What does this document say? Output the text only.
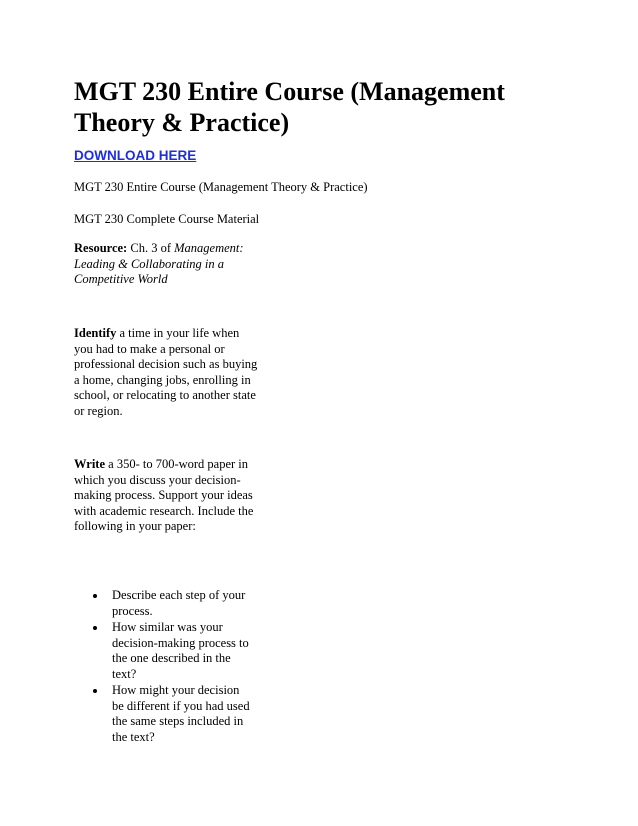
MGT 230 Entire Course (Management Theory & Practice)
DOWNLOAD HERE

MGT 230 Entire Course (Management Theory & Practice)

MGT 230 Complete Course Material

Resource: Ch. 3 of Management: Leading & Collaborating in a Competitive World

Identify a time in your life when you had to make a personal or professional decision such as buying a home, changing jobs, enrolling in school, or relocating to another state or region.

Write a 350- to 700-word paper in which you discuss your decision-making process. Support your ideas with academic research. Include the following in your paper:

Describe each step of your process.
How similar was your decision-making process to the one described in the text?
How might your decision be different if you had used the same steps included in the text?
